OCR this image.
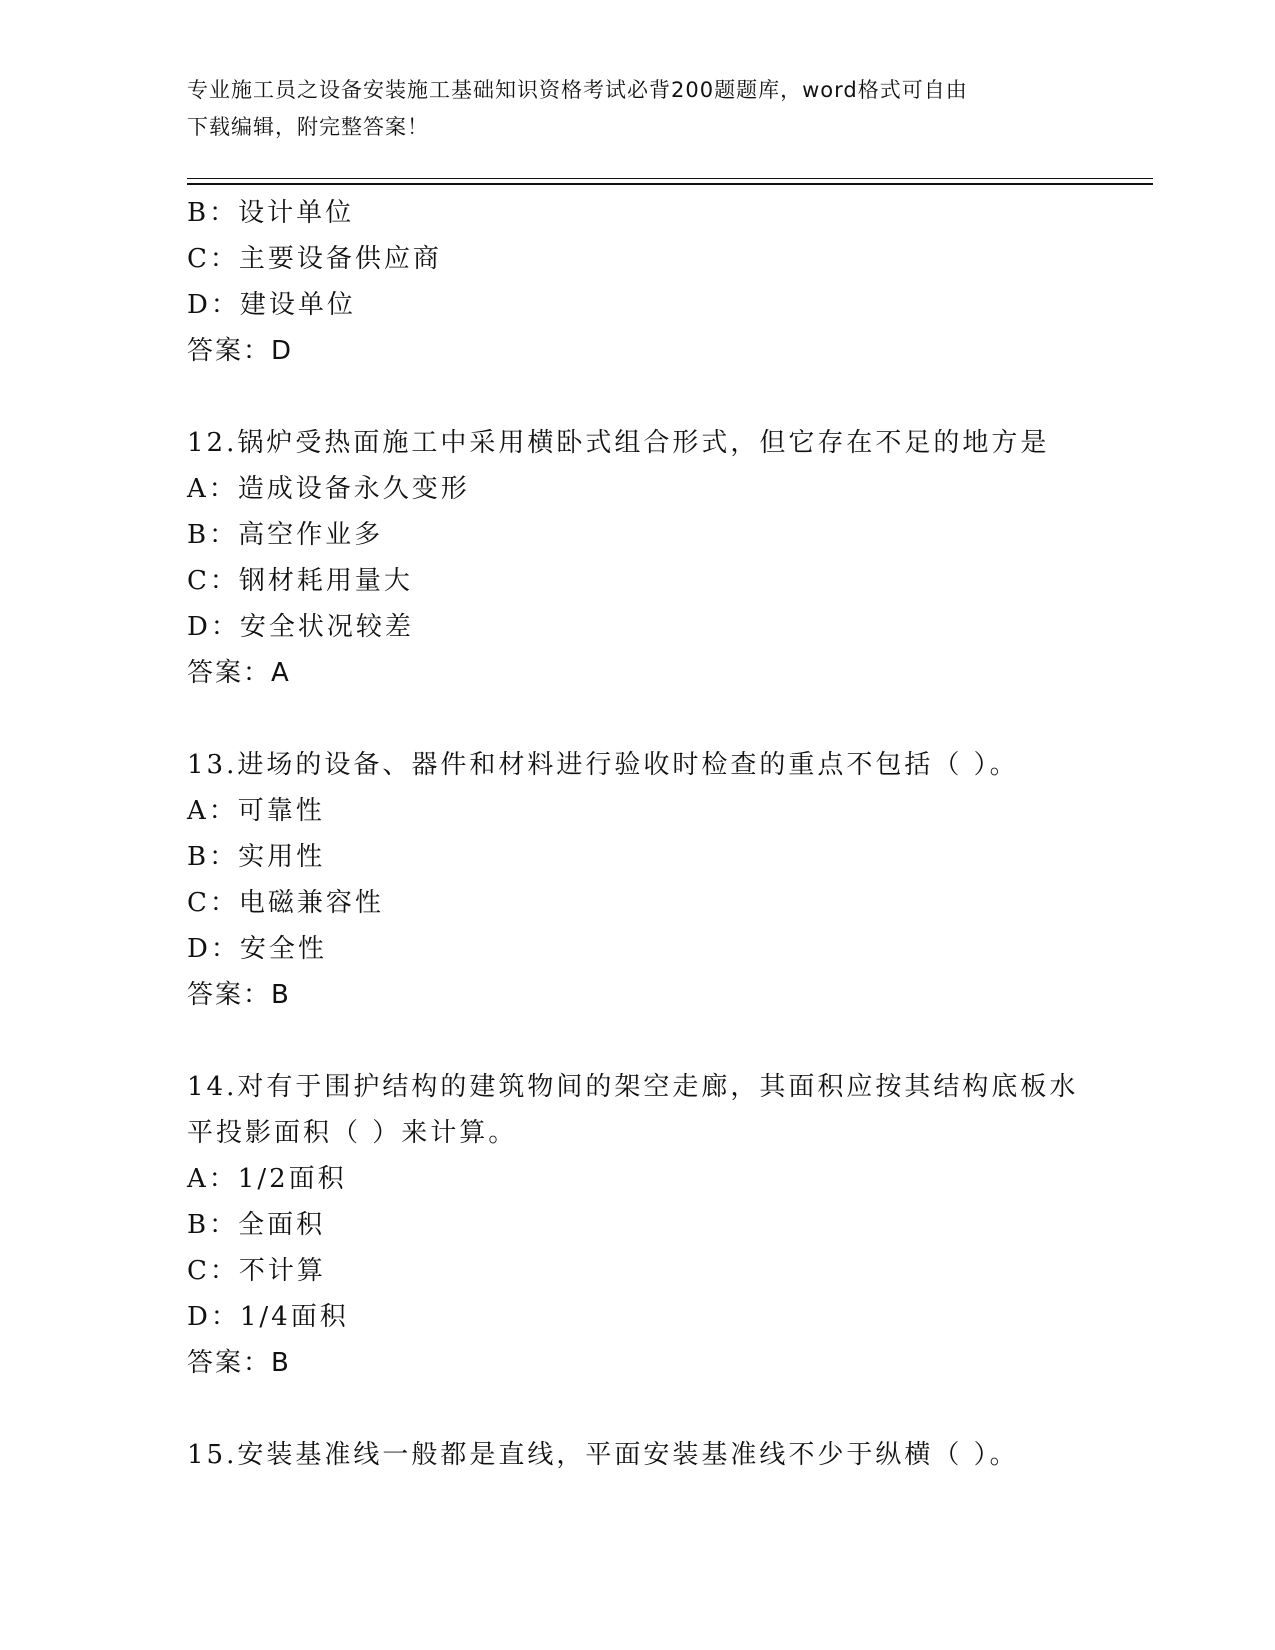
专业施工员之设备安装施工基础知识资格考试必背200题题库，word格式可自由
下载编辑，附完整答案！
B：设计单位
C：主要设备供应商
D：建设单位
答案：D
12.锅炉受热面施工中采用横卧式组合形式，但它存在不足的地方是
A：造成设备永久变形
B：高空作业多
C：钢材耗用量大
D：安全状况较差
答案：A
13.进场的设备、器件和材料进行验收时检查的重点不包括（ ）。
A：可靠性
B：实用性
C：电磁兼容性
D：安全性
答案：B
14.对有于围护结构的建筑物间的架空走廊，其面积应按其结构底板水
平投影面积（ ）来计算。
A：1/2面积
B：全面积
C：不计算
D：1/4面积
答案：B
15.安装基准线一般都是直线，平面安装基准线不少于纵横（ ）。
